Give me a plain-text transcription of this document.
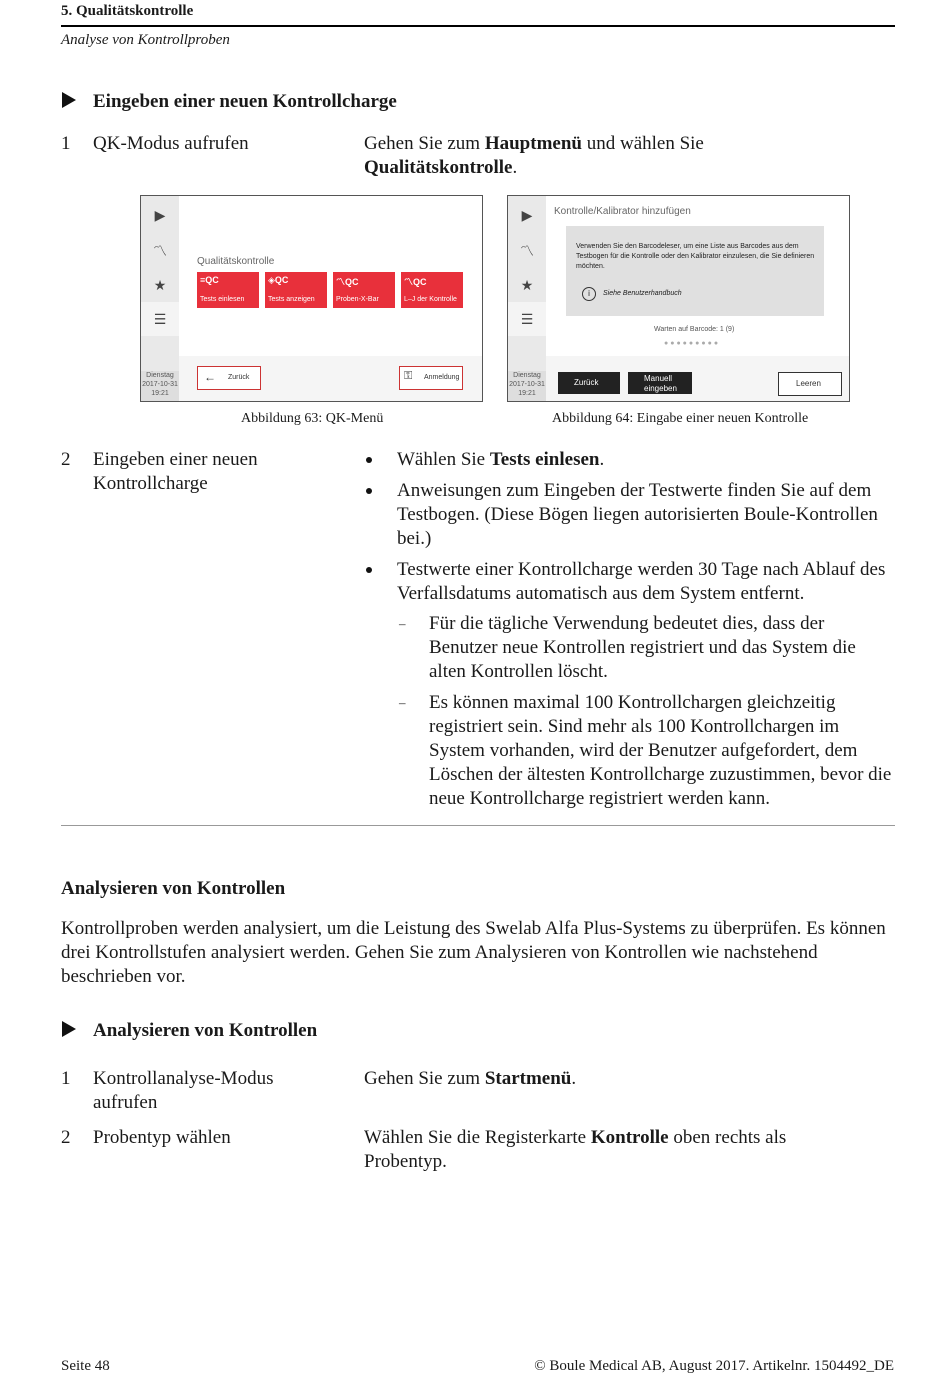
5. Qualitätskontrolle
Analyse von Kontrollproben
Eingeben einer neuen Kontrollcharge
1 QK-Modus aufrufen	Gehen Sie zum Hauptmenü und wählen Sie
Qualitätskontrolle.
▶
〽
★
☰
Dienstag
2017-10-31
19:21
Qualitätskontrolle
≡QC
Tests einlesen
◈QC
Tests anzeigen
〽QC
Proben-X-Bar
〽QC
L–J der Kontrolle
← Zurück	⚿ Anmeldung
▶
〽
★
☰
Dienstag
2017-10-31
19:21
Kontrolle/Kalibrator hinzufügen
Verwenden Sie den Barcodeleser, um eine Liste aus Barcodes aus dem Testbogen für die Kontrolle oder den Kalibrator einzulesen, die Sie definieren möchten.
i	Siehe Benutzerhandbuch
Warten auf Barcode: 1 (9)
●●●●●●●●●
Zurück	Manuell eingeben
Leeren
Abbildung 63: QK-Menü	Abbildung 64: Eingabe einer neuen Kontrolle
2 Eingeben einer neuen
Kontrollcharge
Wählen Sie Tests einlesen.
Anweisungen zum Eingeben der Testwerte finden Sie auf dem Testbogen. (Diese Bögen liegen autorisierten Boule-Kontrollen bei.)
Testwerte einer Kontrollcharge werden 30 Tage nach Ablauf des Verfallsdatums automatisch aus dem System entfernt.
– Für die tägliche Verwendung bedeutet dies, dass der Benutzer neue Kontrollen registriert und das System die alten Kontrollen löscht.
– Es können maximal 100 Kontrollchargen gleichzeitig registriert sein. Sind mehr als 100 Kontrollchargen im System vorhanden, wird der Benutzer aufgefordert, dem Löschen der ältesten Kontrollcharge zuzustimmen, bevor die neue Kontrollcharge registriert werden kann.
Analysieren von Kontrollen
Kontrollproben werden analysiert, um die Leistung des Swelab Alfa Plus-Systems zu überprüfen. Es können drei Kontrollstufen analysiert werden. Gehen Sie zum Analysieren von Kontrollen wie nachstehend beschrieben vor.
Analysieren von Kontrollen
1 Kontrollanalyse-Modus
aufrufen
Gehen Sie zum Startmenü.
2 Probentyp wählen	Wählen Sie die Registerkarte Kontrolle oben rechts als Probentyp.
Seite 48	© Boule Medical AB, August 2017. Artikelnr. 1504492_DE
